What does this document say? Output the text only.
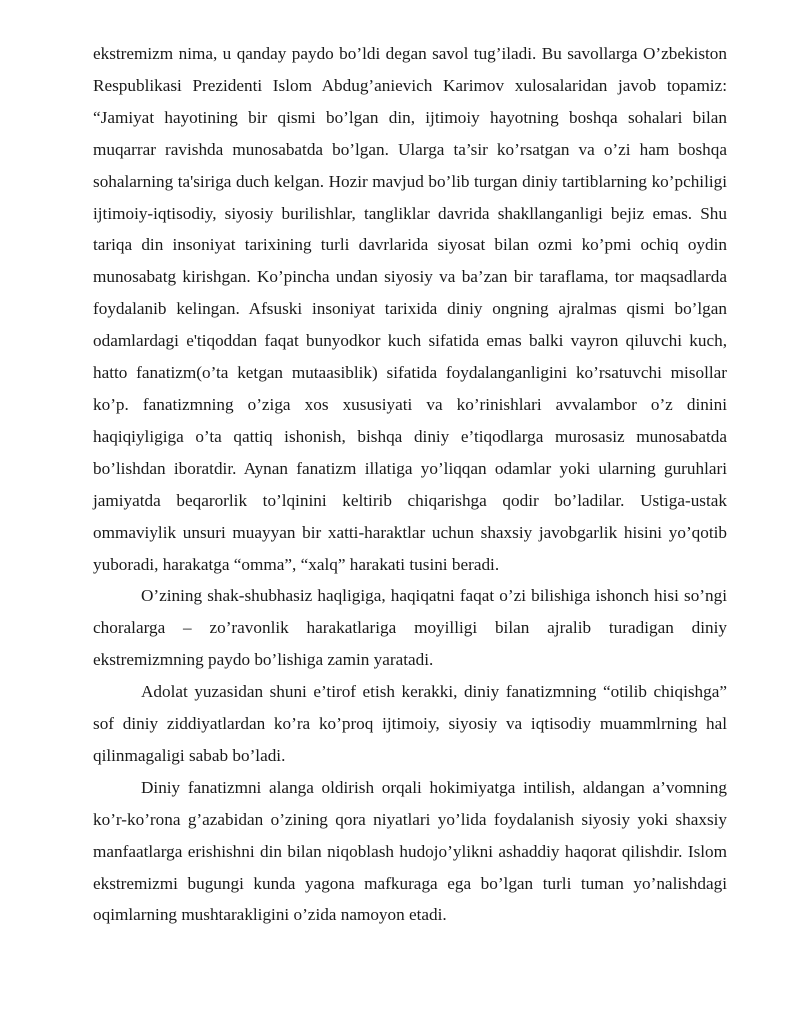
ekstremizm nima, u qanday paydo bo’ldi degan savol tug’iladi. Bu savollarga O’zbekiston Respublikasi Prezidenti Islom Abdug’anievich Karimov xulosalaridan javob topamiz: “Jamiyat hayotining bir qismi bo’lgan din, ijtimoiy hayotning boshqa sohalari bilan muqarrar ravishda munosabatda bo’lgan. Ularga ta’sir ko’rsatgan va o’zi ham boshqa sohalarning ta'siriga duch kelgan. Hozir mavjud bo’lib turgan diniy tartiblarning ko’pchiligi ijtimoiy-iqtisodiy, siyosiy burilishlar, tangliklar davrida shakllanganligi bejiz emas. Shu tariqa din insoniyat tarixining turli davrlarida siyosat bilan ozmi ko’pmi ochiq oydin munosabatg kirishgan. Ko’pincha undan siyosiy va ba’zan bir taraflama, tor maqsadlarda foydalanib kelingan. Afsuski insoniyat tarixida diniy ongning ajralmas qismi bo’lgan odamlardagi e'tiqoddan faqat bunyodkor kuch sifatida emas balki vayron qiluvchi kuch, hatto fanatizm(o’ta ketgan mutaasiblik) sifatida foydalanganligini ko’rsatuvchi misollar ko’p. fanatizmning o’ziga xos xususiyati va ko’rinishlari avvalambor o’z dinini haqiqiyligiga o’ta qattiq ishonish, bishqa diniy e’tiqodlarga murosasiz munosabatda bo’lishdan iboratdir. Aynan fanatizm illatiga yo’liqqan odamlar yoki ularning guruhlari jamiyatda beqarorlik to’lqinini keltirib chiqarishga qodir bo’ladilar. Ustiga-ustak ommaviylik unsuri muayyan bir xatti-haraktlar uchun shaxsiy javobgarlik hisini yo’qotib yuboradi, harakatga “omma”, “xalq” harakati tusini beradi.

O’zining shak-shubhasiz haqligiga, haqiqatni faqat o’zi bilishiga ishonch hisi so’ngi choralarga – zo’ravonlik harakatlariga moyilligi bilan ajralib turadigan diniy ekstremizmning paydo bo’lishiga zamin yaratadi.

Adolat yuzasidan shuni e’tirof etish kerakki, diniy fanatizmning “otilib chiqishga” sof diniy ziddiyatlardan ko’ra ko’proq ijtimoiy, siyosiy va iqtisodiy muammlrning hal qilinmagaligi sabab bo’ladi.

Diniy fanatizmni alanga oldirish orqali hokimiyatga intilish, aldangan a’vomning ko’r-ko’rona g’azabidan o’zining qora niyatlari yo’lida foydalanish siyosiy yoki shaxsiy manfaatlarga erishishni din bilan niqoblash hudojo’ylikni ashaddiy haqorat qilishdir. Islom ekstremizmi bugungi kunda yagona mafkuraga ega bo’lgan turli tuman yo’nalishdagi oqimlarning mushtarakligini o’zida namoyon etadi.
